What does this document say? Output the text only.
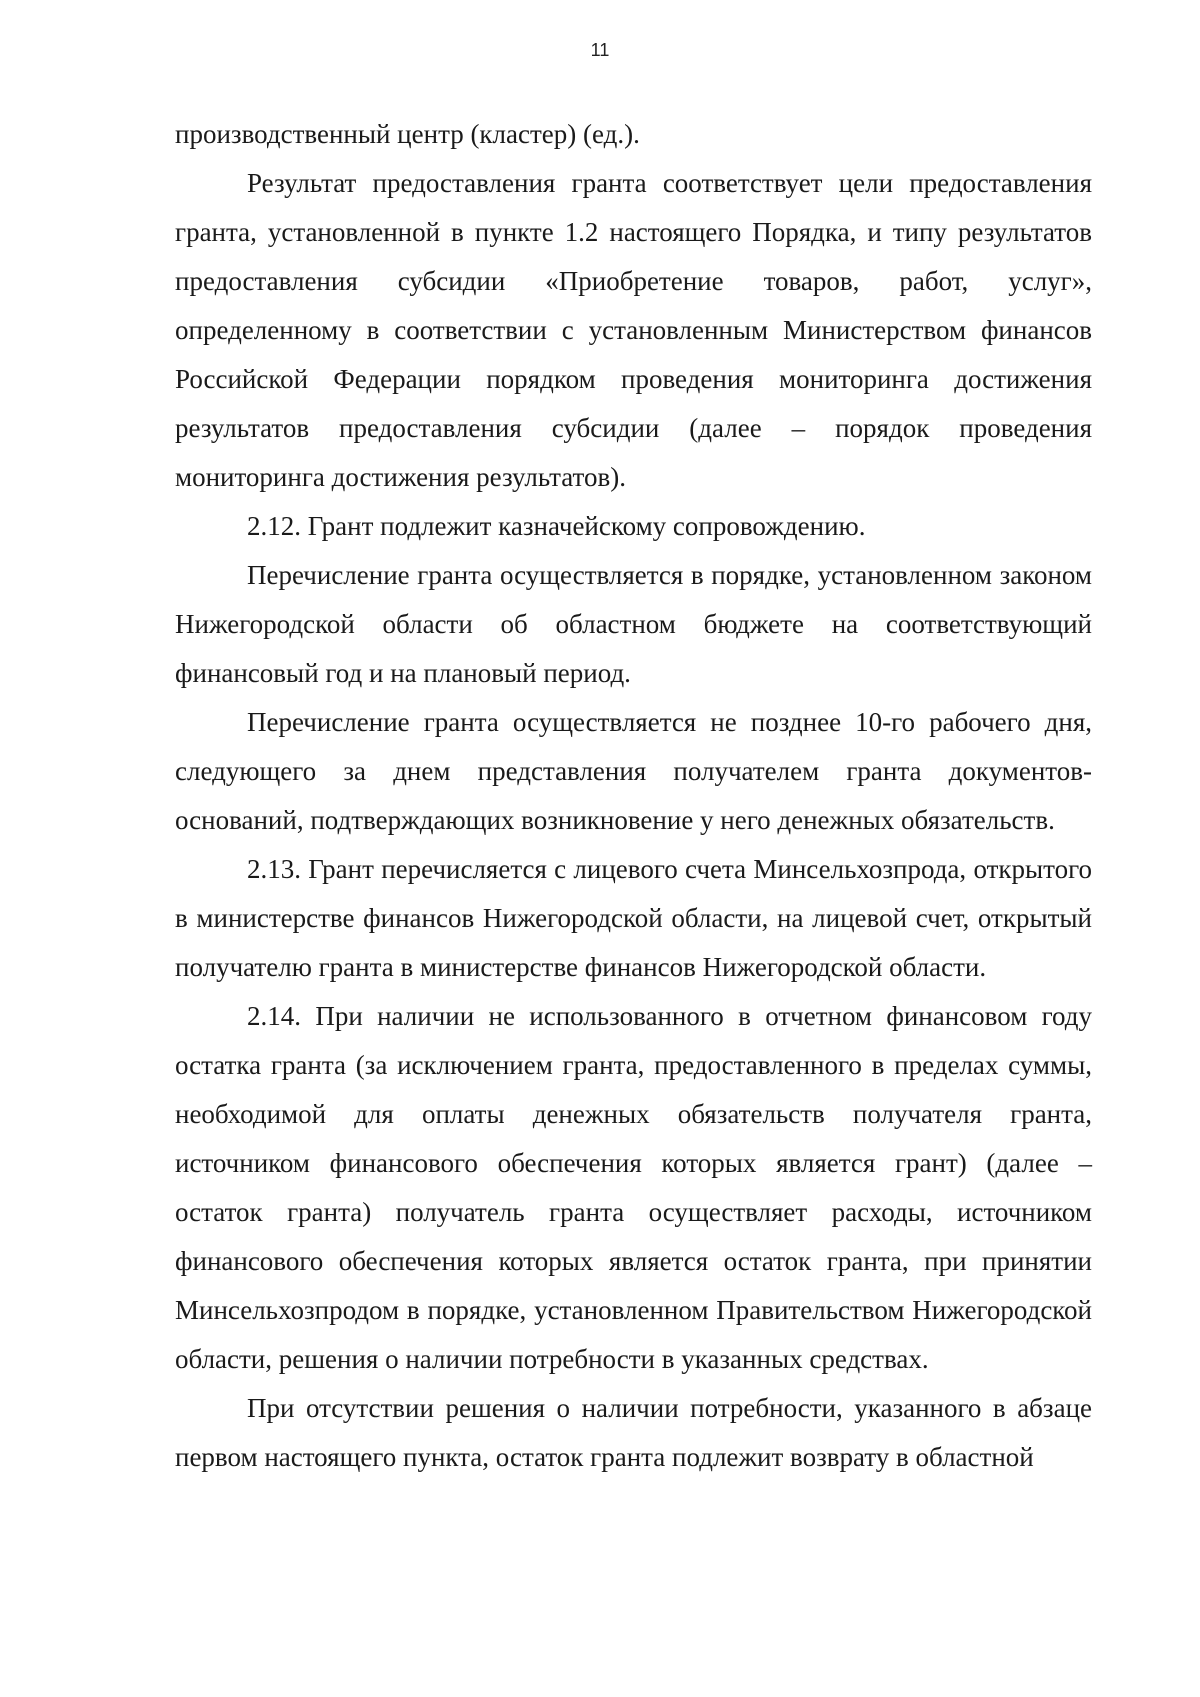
11

производственный центр (кластер) (ед.).

Результат предоставления гранта соответствует цели предоставления гранта, установленной в пункте 1.2 настоящего Порядка, и типу результатов предоставления субсидии «Приобретение товаров, работ, услуг», определенному в соответствии с установленным Министерством финансов Российской Федерации порядком проведения мониторинга достижения результатов предоставления субсидии (далее – порядок проведения мониторинга достижения результатов).

2.12. Грант подлежит казначейскому сопровождению.

Перечисление гранта осуществляется в порядке, установленном законом Нижегородской области об областном бюджете на соответствующий финансовый год и на плановый период.

Перечисление гранта осуществляется не позднее 10-го рабочего дня, следующего за днем представления получателем гранта документов-оснований, подтверждающих возникновение у него денежных обязательств.

2.13. Грант перечисляется с лицевого счета Минсельхозпрода, открытого в министерстве финансов Нижегородской области, на лицевой счет, открытый получателю гранта в министерстве финансов Нижегородской области.

2.14. При наличии не использованного в отчетном финансовом году остатка гранта (за исключением гранта, предоставленного в пределах суммы, необходимой для оплаты денежных обязательств получателя гранта, источником финансового обеспечения которых является грант) (далее – остаток гранта) получатель гранта осуществляет расходы, источником финансового обеспечения которых является остаток гранта, при принятии Минсельхозпродом в порядке, установленном Правительством Нижегородской области, решения о наличии потребности в указанных средствах.

При отсутствии решения о наличии потребности, указанного в абзаце первом настоящего пункта, остаток гранта подлежит возврату в областной
